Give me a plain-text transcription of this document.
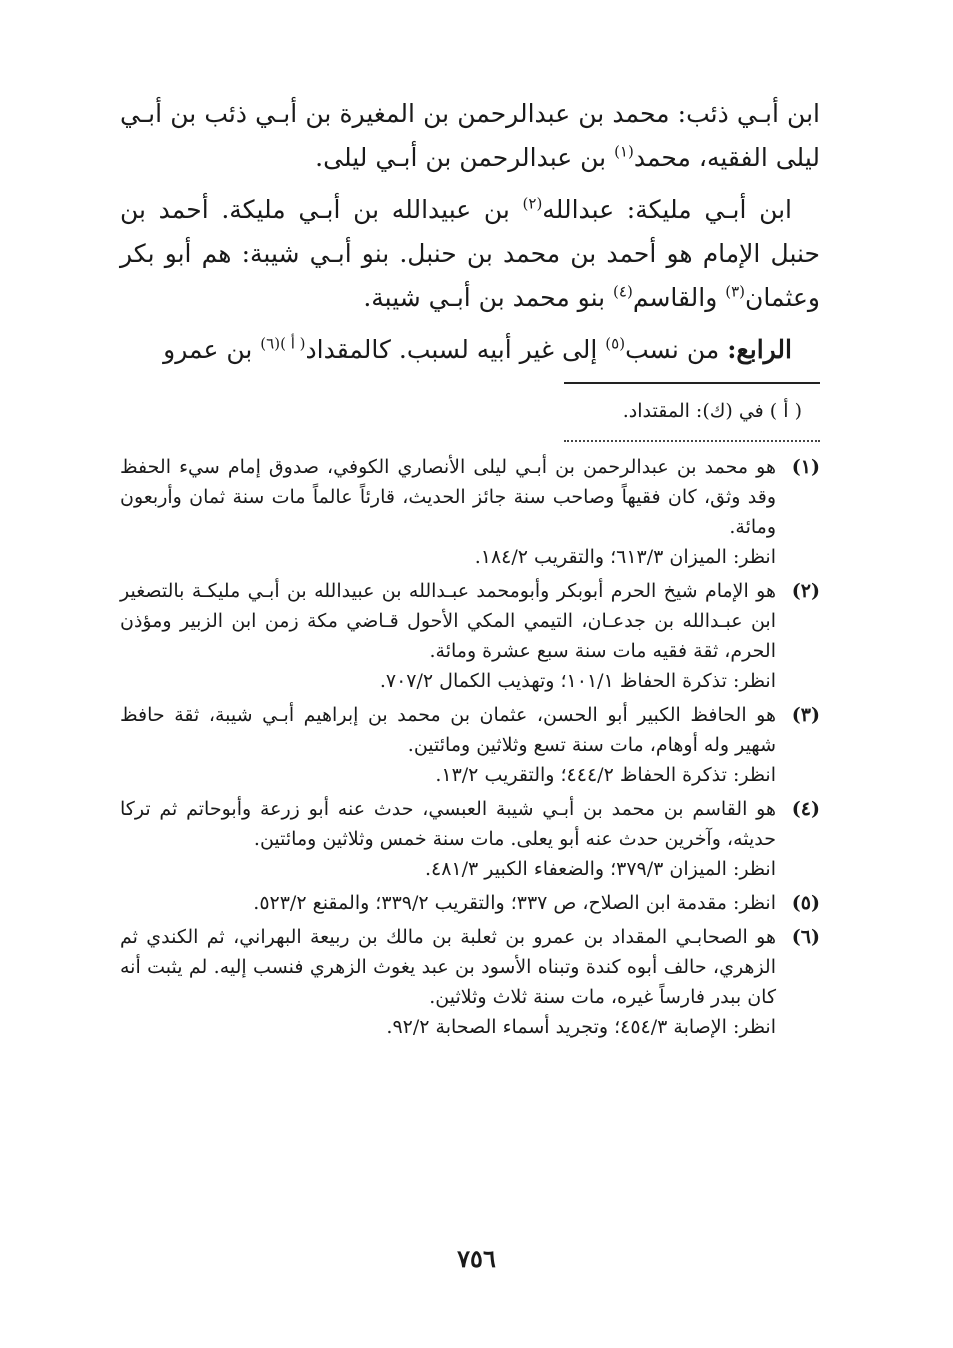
ابن أبـي ذئب: محمد بن عبدالرحمن بن المغيرة بن أبـي ذئب بن أبـي ليلى الفقيه، محمد$^{(١)}$ بن عبدالرحمن بن أبـي ليلى.

ابن أبـي مليكة: عبدالله$^{(٢)}$ بن عبيدالله بن أبـي مليكة. أحمد بن حنبل الإمام هو أحمد بن محمد بن حنبل. بنو أبـي شيبة: هم أبو بكر وعثمان$^{(٣)}$ والقاسم$^{(٤)}$ بنو محمد بن أبـي شيبة.

الرابع: من نسب$^{(٥)}$ إلى غير أبيه لسبب. كالمقداد$^{( أ )(٦)}$ بن عمرو

( أ ) في (ك): المقتداد.
(١)
هو محمد بن عبدالرحمن بن أبـي ليلى الأنصاري الكوفي، صدوق إمام سيء الحفظ وقد وثق، كان فقيهاً وصاحب سنة جائز الحديث، قارئاً عالماً مات سنة ثمان وأربعون ومائة.
انظر: الميزان ٦١٣/٣؛ والتقريب ١٨٤/٢.
(٢)
هو الإمام شيخ الحرم أبوبكر وأبومحمد عبـدالله بن عبيدالله بن أبـي مليكـة بالتصغير ابن عبـدالله بن جدعـان، التيمي المكي الأحول قـاضي مكة زمن ابن الزبير ومؤذن الحرم، ثقة فقيه مات سنة سبع عشرة ومائة.
انظر: تذكرة الحفاظ ١٠١/١؛ وتهذيب الكمال ٧٠٧/٢.
(٣)
هو الحافظ الكبير أبو الحسن، عثمان بن محمد بن إبراهيم أبـي شيبة، ثقة حافظ شهير وله أوهام، مات سنة تسع وثلاثين ومائتين.
انظر: تذكرة الحفاظ ٤٤٤/٢؛ والتقريب ١٣/٢.
(٤)
هو القاسم بن محمد بن أبـي شيبة العبسي، حدث عنه أبو زرعة وأبوحاتم ثم تركا حديثه، وآخرين حدث عنه أبو يعلى. مات سنة خمس وثلاثين ومائتين.
انظر: الميزان ٣٧٩/٣؛ والضعفاء الكبير ٤٨١/٣.
(٥)
انظر: مقدمة ابن الصلاح، ص ٣٣٧؛ والتقريب ٣٣٩/٢؛ والمقنع ٥٢٣/٢.
(٦)
هو الصحابـي المقداد بن عمرو بن ثعلبة بن مالك بن ربيعة البهراني، ثم الكندي ثم الزهري، حالف أبوه كندة وتبناه الأسود بن عبد يغوث الزهري فنسب إليه. لم يثبت أنه كان ببدر فارساً غيره، مات سنة ثلاث وثلاثين.
انظر: الإصابة ٤٥٤/٣؛ وتجريد أسماء الصحابة ٩٢/٢.
٧٥٦
